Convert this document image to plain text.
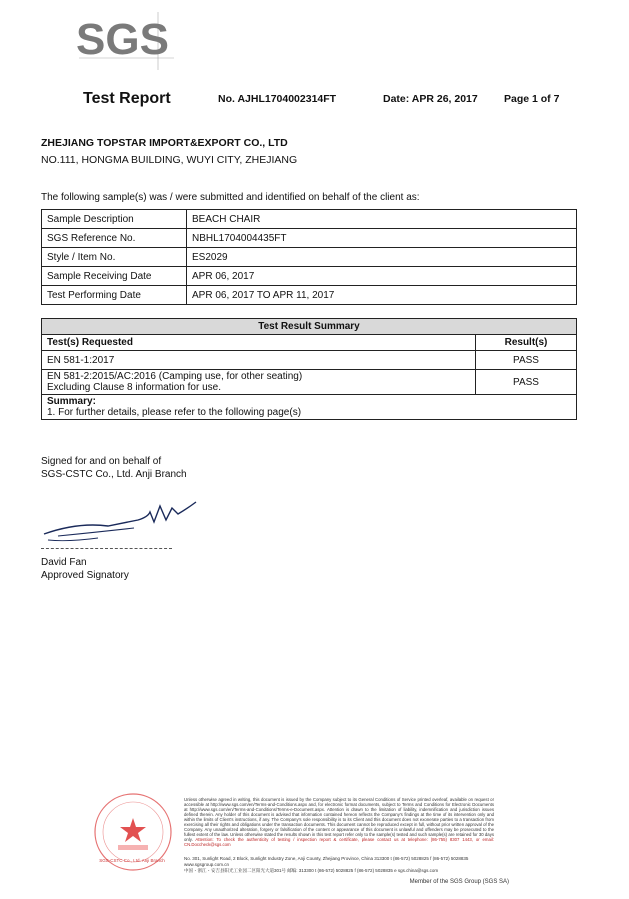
SGS
Test Report	No. AJHL1704002314FT	Date: APR 26, 2017	Page 1 of 7
ZHEJIANG TOPSTAR IMPORT&EXPORT CO., LTD
NO.111, HONGMA BUILDING, WUYI CITY, ZHEJIANG
The following sample(s) was / were submitted and identified on behalf of the client as:
Sample Description	BEACH CHAIR
SGS Reference No.	NBHL1704004435FT
Style / Item No.	ES2029
Sample Receiving Date	APR 06, 2017
Test Performing Date	APR 06, 2017 TO APR 11, 2017
Test Result Summary	
Test(s) Requested	Result(s)
EN 581-1:2017	PASS
EN 581-2:2015/AC:2016 (Camping use, for other seating)
Excluding Clause 8 information for use.	PASS
Summary:
1. For further details, please refer to the following page(s)	
Signed for and on behalf of
SGS-CSTC Co., Ltd. Anji Branch
David Fan
Approved Signatory
SGS-CSTC Co., Ltd. Anji Branch
Unless otherwise agreed in writing, this document is issued by the Company subject to its General Conditions of Service printed overleaf, available on request or accessible at http://www.sgs.com/en/Terms-and-Conditions.aspx and, for electronic format documents, subject to Terms and Conditions for Electronic Documents at http://www.sgs.com/en/Terms-and-Conditions/Terms-e-Document.aspx. Attention is drawn to the limitation of liability, indemnification and jurisdiction issues defined therein. Any holder of this document is advised that information contained hereon reflects the Company's findings at the time of its intervention only and within the limits of Client's instructions, if any. The Company's sole responsibility is to its Client and this document does not exonerate parties to a transaction from exercising all their rights and obligations under the transaction documents. This document cannot be reproduced except in full, without prior written approval of the Company. Any unauthorized alteration, forgery or falsification of the content or appearance of this document is unlawful and offenders may be prosecuted to the fullest extent of the law. Unless otherwise stated the results shown in this test report refer only to the sample(s) tested and such sample(s) are retained for 30 days only. Attention: To check the authenticity of testing / inspection report & certificate, please contact us at telephone: (86-755) 8307 1443, or email: CN.Doccheck@sgs.com
No. 301, Sunlight Road, 2 Block, Sunlight Industry Zone, Anji County, Zhejiang Province, China 313300 t (86-572) 5028825 f (86-572) 5028835 www.sgsgroup.com.cn
中国・浙江・安吉县阳光工业园二区阳光大道301号 邮编: 313300 t (86-572) 5028825 f (86-572) 5028835 e sgs.china@sgs.com
Member of the SGS Group (SGS SA)
